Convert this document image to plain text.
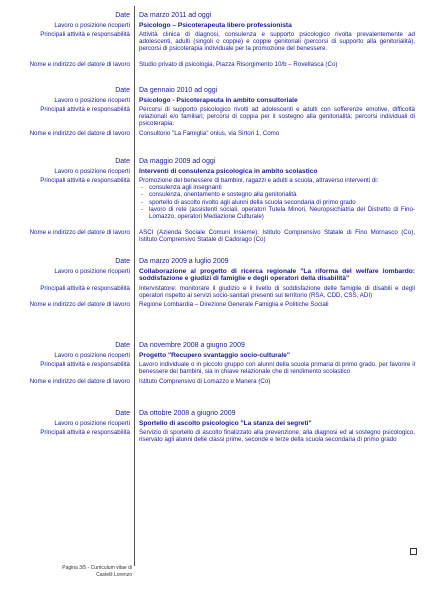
Date Da marzo 2011 ad oggi
Lavoro o posizione ricoperti Psicologo – Psicoterapeuta libero professionista
Principali attività e responsabilità Attività clinica di diagnosi, consulenza e supporto psicologico rivolta prevalentemente ad adolescenti, adulti (singoli o coppie) e coppie genitoriali (percorsi di supporto alla genitorialità), percorsi di psicoterapia individuale per la promozione del benessere.
Nome e indirizzo del datore di lavoro Studio privato di psicologia, Piazza Risorgimento 10/b – Rovellasca (Co)
Date Da gennaio 2010 ad oggi
Lavoro o posizione ricoperti Psicologo - Psicoterapeuta in ambito consultoriale
Principali attività e responsabilità Percorsi di supporto psicologico rivolti ad adolescenti e adulti con sofferenze emotive, difficoltà relazionali e/o familiari; percorsi di coppia per il sostegno alla genitorialità; percorsi individuali di psicoterapia.
Nome e indirizzo del datore di lavoro Consultorio "La Famiglia" onlus, via Sirtori 1, Como
Date Da maggio 2009 ad oggi
Lavoro o posizione ricoperti Interventi di consulenza psicologica in ambito scolastico
Principali attività e responsabilità Promozione del benessere di bambini, ragazzi e adulti a scuola, attraverso interventi di:
- consulenza agli insegnanti
- consulenza, orientamento e sostegno alla genitorialità
- sportello di ascolto rivolto agli alunni della scuola secondaria di primo grado
- lavoro di rete (assistenti sociali, operatori Tutela Minori, Neuropsichiatria del Distretto di Fino-Lomazzo, operatori Mediazione Culturale)
Nome e indirizzo del datore di lavoro ASCI (Azienda Sociale Comuni Insieme): Istituto Comprensivo Statale di Fino Mornasco (Co), Istituto Comprensivo Statale di Cadorago (Co)
Date Da marzo 2009 a luglio 2009
Lavoro o posizione ricoperti Collaborazione al progetto di ricerca regionale "La riforma del welfare lombardo: soddisfazione e giudizi di famiglie e degli operatori della disabilità"
Principali attività e responsabilità Intervistatore: monitorare il giudizio e il livello di soddisfazione delle famiglie di disabili e degli operatori rispetto ai servizi socio-sanitari presenti sul territorio (RSA, CDD, CSS, ADI)
Nome e indirizzo del datore di lavoro Regione Lombardia – Direzione Generale Famiglia e Politiche Sociali
Date Da novembre 2008 a giugno 2009
Lavoro o posizione ricoperti Progetto "Recupero svantaggio socio-culturale"
Principali attività e responsabilità Lavoro individuale o in piccolo gruppo con alunni della scuola primaria di primo grado, per favorire il benessere dei bambini, sia in chiave relazionale che di rendimento scolastico
Nome e indirizzo del datore di lavoro Istituto Comprensivo di Lomazzo e Manera (Co)
Date Da ottobre 2008 a giugno 2009
Lavoro o posizione ricoperti Sportello di ascolto psicologico "La stanza dei segreti"
Principali attività e responsabilità Servizio di sportello di ascolto finalizzato alla prevenzione, alla diagnosi ed al sostegno psicologico, riservato agli alunni delle classi prime, seconde e terze della scuola secondaria di primo grado
Pagina 3/5 - Curriculum vitae di
Castelli Lorenzo
